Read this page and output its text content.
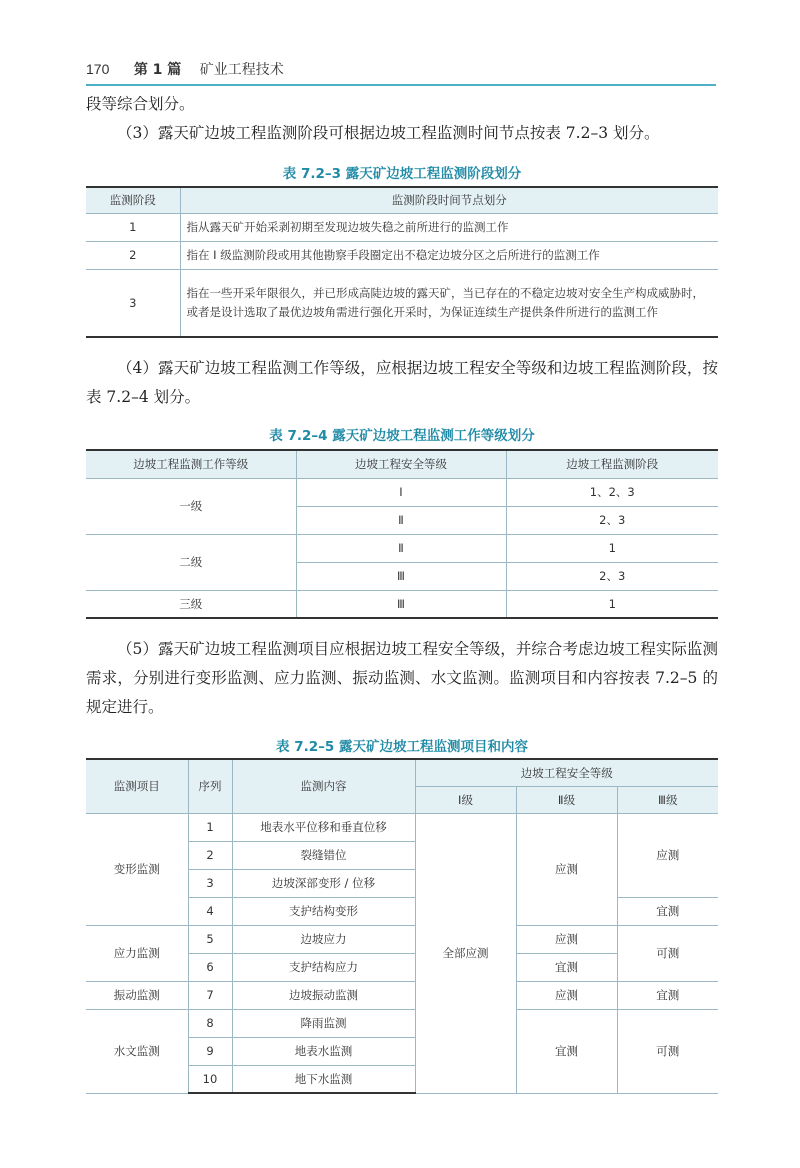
170 第 1 篇 矿业工程技术
段等综合划分。
（3）露天矿边坡工程监测阶段可根据边坡工程监测时间节点按表 7.2–3 划分。
表 7.2–3 露天矿边坡工程监测阶段划分
监测阶段	监测阶段时间节点划分
1	指从露天矿开始采剥初期至发现边坡失稳之前所进行的监测工作
2	指在 Ⅰ 级监测阶段或用其他勘察手段圈定出不稳定边坡分区之后所进行的监测工作
3	指在一些开采年限很久，并已形成高陡边坡的露天矿，当已存在的不稳定边坡对安全生产构成威胁时，或者是设计选取了最优边坡角需进行强化开采时，为保证连续生产提供条件所进行的监测工作
（4）露天矿边坡工程监测工作等级，应根据边坡工程安全等级和边坡工程监测阶段，按表 7.2–4 划分。
表 7.2–4 露天矿边坡工程监测工作等级划分
边坡工程监测工作等级	边坡工程安全等级	边坡工程监测阶段
一级	Ⅰ	1、2、3
	Ⅱ	2、3
二级	Ⅱ	1
	Ⅲ	2、3
三级	Ⅲ	1
（5）露天矿边坡工程监测项目应根据边坡工程安全等级，并综合考虑边坡工程实际监测需求，分别进行变形监测、应力监测、振动监测、水文监测。监测项目和内容按表 7.2–5 的规定进行。
表 7.2–5 露天矿边坡工程监测项目和内容
监测项目	序列	监测内容	边坡工程安全等级		
			Ⅰ级	Ⅱ级	Ⅲ级
变形监测	1	地表水平位移和垂直位移	全部应测	应测	应测
	2	裂缝错位			
	3	边坡深部变形 / 位移			
	4	支护结构变形			宜测
应力监测	5	边坡应力		应测	可测
	6	支护结构应力		宜测	
振动监测	7	边坡振动监测		应测	宜测
水文监测	8	降雨监测		宜测	可测
	9	地表水监测			
	10	地下水监测			
